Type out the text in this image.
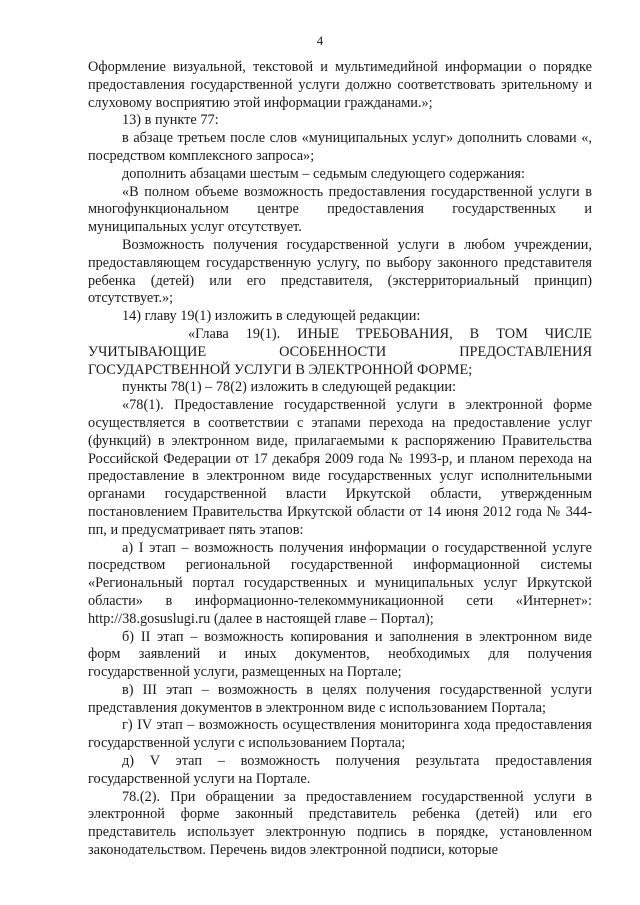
4

Оформление визуальной, текстовой и мультимедийной информации о порядке предоставления государственной услуги должно соответствовать зрительному и слуховому восприятию этой информации гражданами.»;

13) в пункте 77:

в абзаце третьем после слов «муниципальных услуг» дополнить словами «, посредством комплексного запроса»;

дополнить абзацами шестым – седьмым следующего содержания:

«В полном объеме возможность предоставления государственной услуги в многофункциональном центре предоставления государственных и муниципальных услуг отсутствует.

Возможность получения государственной услуги в любом учреждении, предоставляющем государственную услугу, по выбору законного представителя ребенка (детей) или его представителя, (экстерриториальный принцип) отсутствует.»;

14) главу 19(1) изложить в следующей редакции:

«Глава 19(1). ИНЫЕ ТРЕБОВАНИЯ, В ТОМ ЧИСЛЕ УЧИТЫВАЮЩИЕ ОСОБЕННОСТИ ПРЕДОСТАВЛЕНИЯ ГОСУДАРСТВЕННОЙ УСЛУГИ В ЭЛЕКТРОННОЙ ФОРМЕ;

пункты 78(1) – 78(2) изложить в следующей редакции:

«78(1). Предоставление государственной услуги в электронной форме осуществляется в соответствии с этапами перехода на предоставление услуг (функций) в электронном виде, прилагаемыми к распоряжению Правительства Российской Федерации от 17 декабря 2009 года № 1993-р, и планом перехода на предоставление в электронном виде государственных услуг исполнительными органами государственной власти Иркутской области, утвержденным постановлением Правительства Иркутской области от 14 июня 2012 года № 344-пп, и предусматривает пять этапов:

а) I этап – возможность получения информации о государственной услуге посредством региональной государственной информационной системы «Региональный портал государственных и муниципальных услуг Иркутской области» в информационно-телекоммуникационной сети «Интернет»: http://38.gosuslugi.ru (далее в настоящей главе – Портал);

б) II этап – возможность копирования и заполнения в электронном виде форм заявлений и иных документов, необходимых для получения государственной услуги, размещенных на Портале;

в) III этап – возможность в целях получения государственной услуги представления документов в электронном виде с использованием Портала;

г) IV этап – возможность осуществления мониторинга хода предоставления государственной услуги с использованием Портала;

д) V этап – возможность получения результата предоставления государственной услуги на Портале.

78.(2). При обращении за предоставлением государственной услуги в электронной форме законный представитель ребенка (детей) или его представитель использует электронную подпись в порядке, установленном законодательством. Перечень видов электронной подписи, которые
